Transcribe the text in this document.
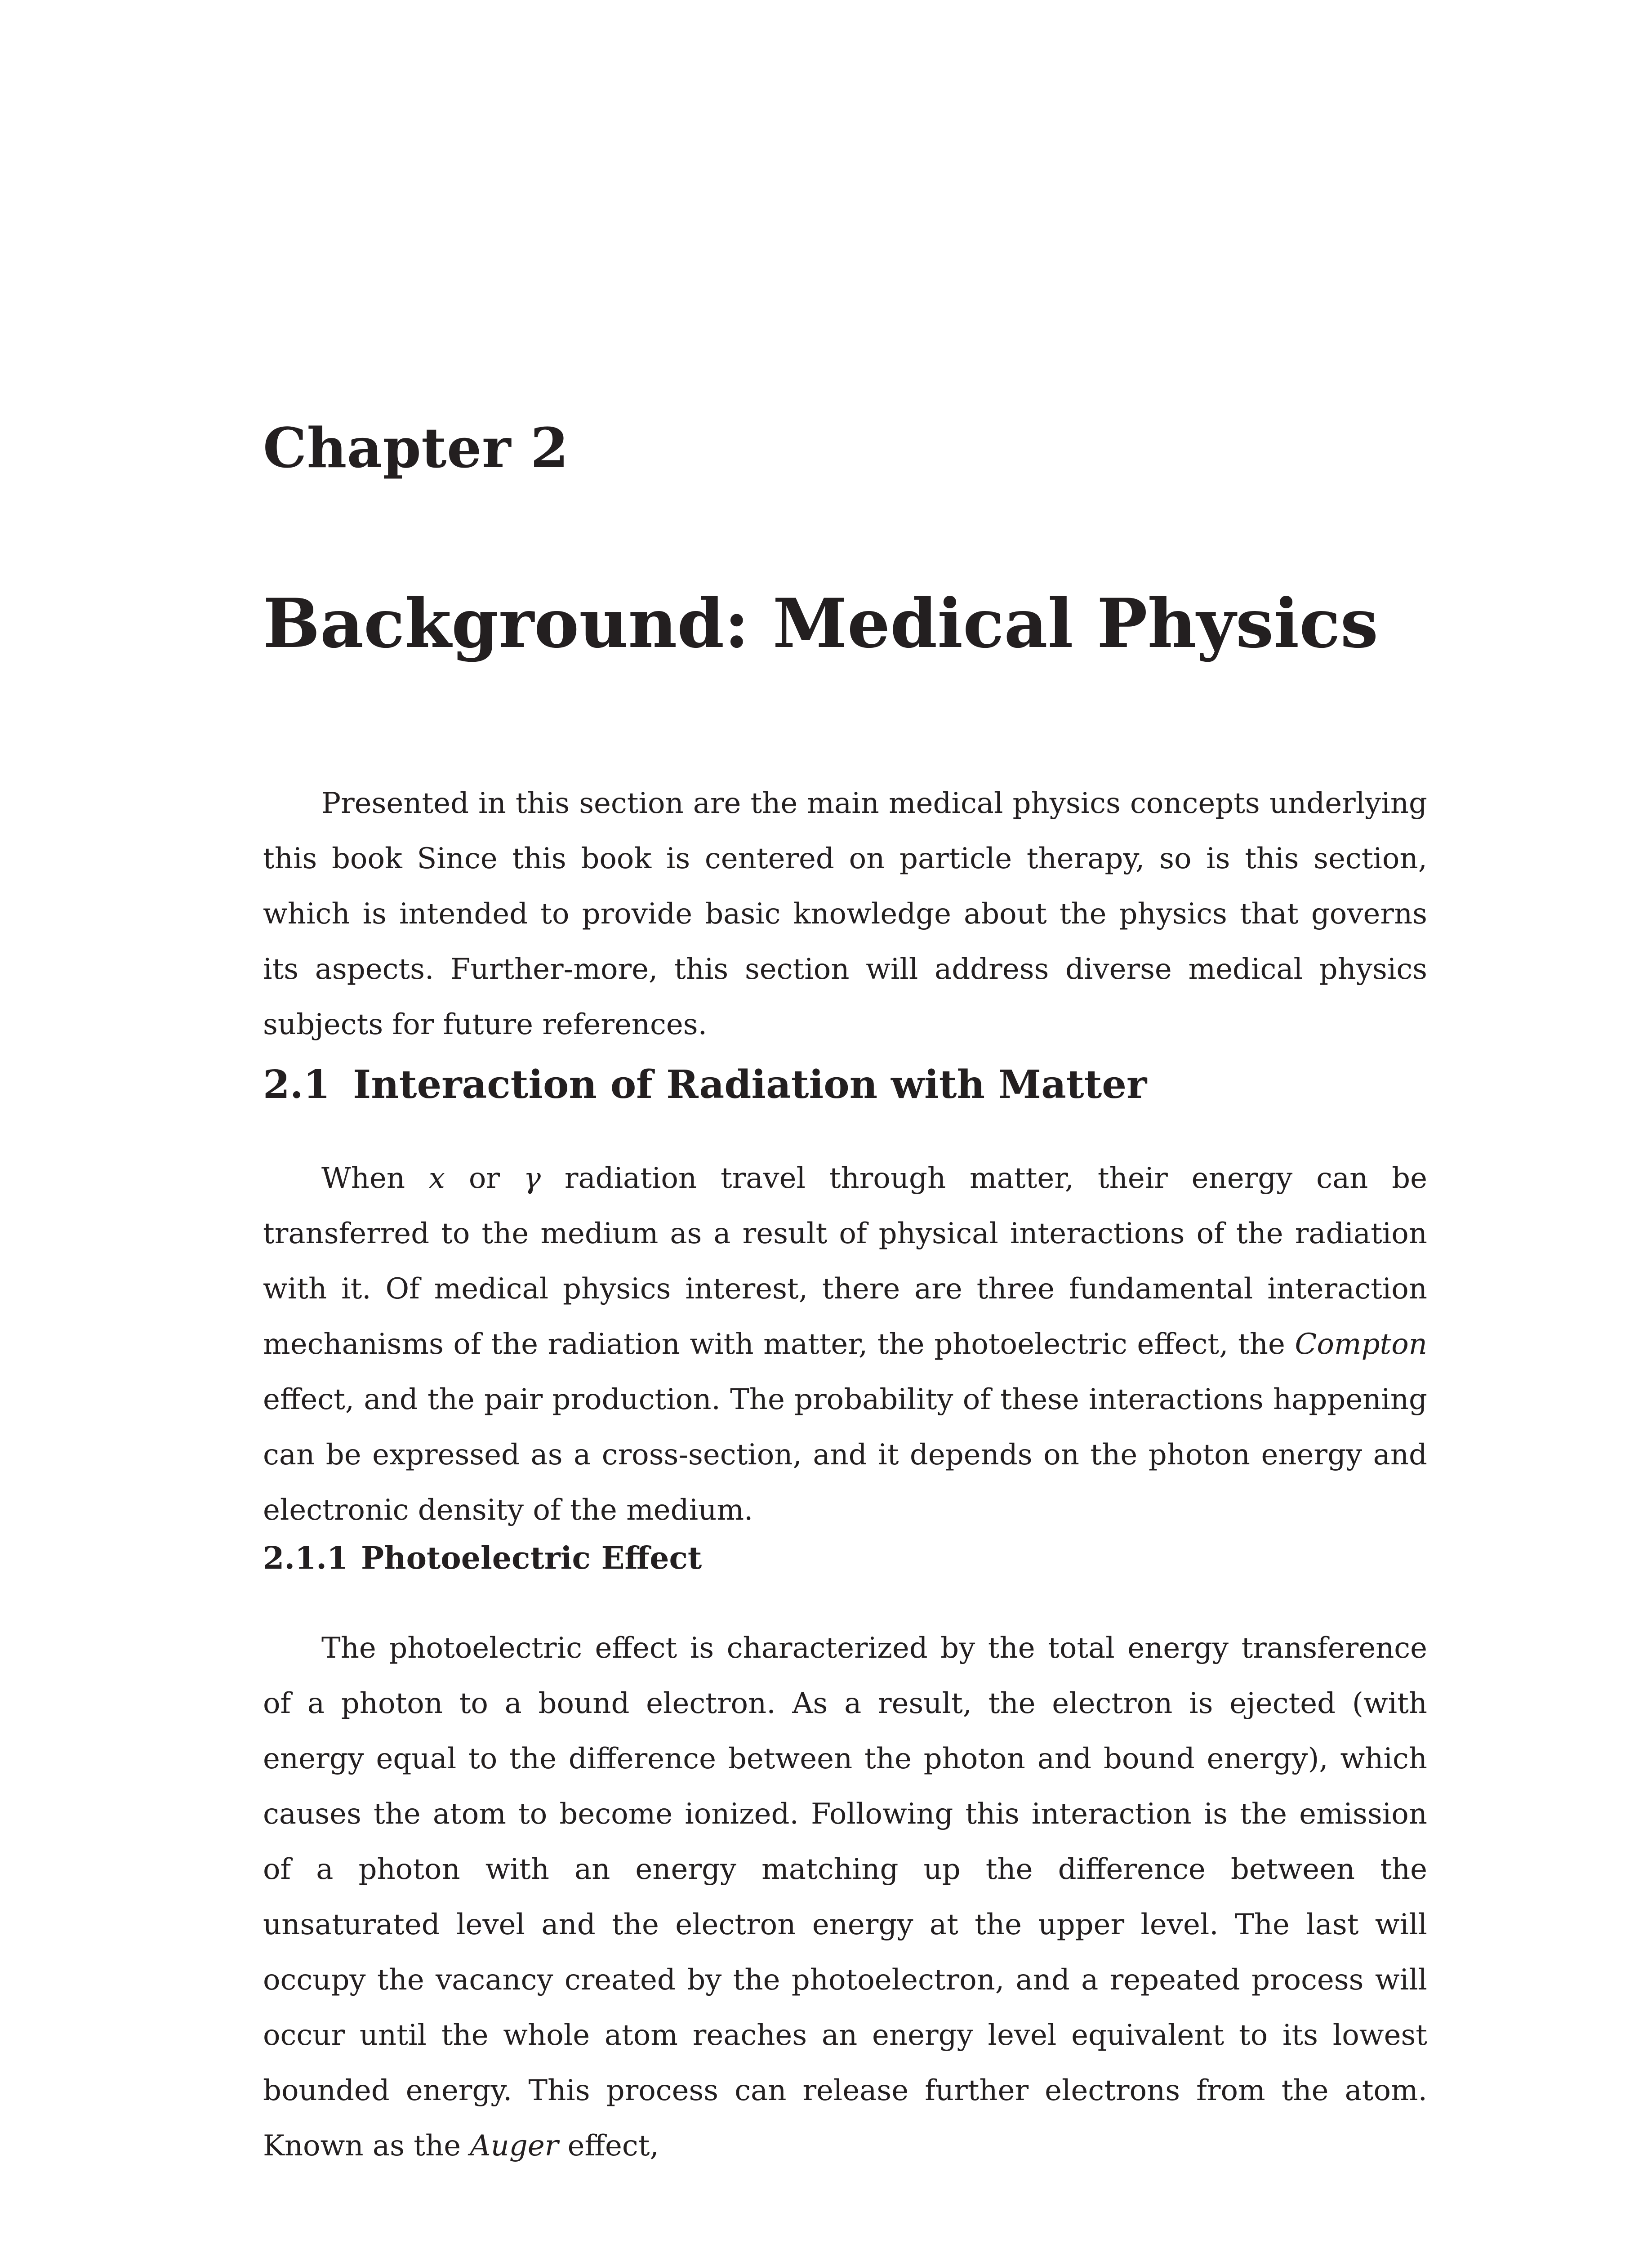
Chapter 2
Background: Medical Physics

Presented in this section are the main medical physics concepts underlying this book Since this book is centered on particle therapy, so is this section, which is intended to provide basic knowledge about the physics that governs its aspects. Further-more, this section will address diverse medical physics subjects for future references.

2.1 Interaction of Radiation with Matter

When x or γ radiation travel through matter, their energy can be transferred to the medium as a result of physical interactions of the radiation with it. Of medical physics interest, there are three fundamental interaction mechanisms of the radiation with matter, the photoelectric effect, the Compton effect, and the pair production. The probability of these interactions happening can be expressed as a cross-section, and it depends on the photon energy and electronic density of the medium.

2.1.1 Photoelectric Effect

The photoelectric effect is characterized by the total energy transference of a photon to a bound electron. As a result, the electron is ejected (with energy equal to the difference between the photon and bound energy), which causes the atom to become ionized. Following this interaction is the emission of a photon with an energy matching up the difference between the unsaturated level and the electron energy at the upper level. The last will occupy the vacancy created by the photoelectron, and a repeated process will occur until the whole atom reaches an energy level equivalent to its lowest bounded energy. This process can release further electrons from the atom. Known as the Auger effect,
